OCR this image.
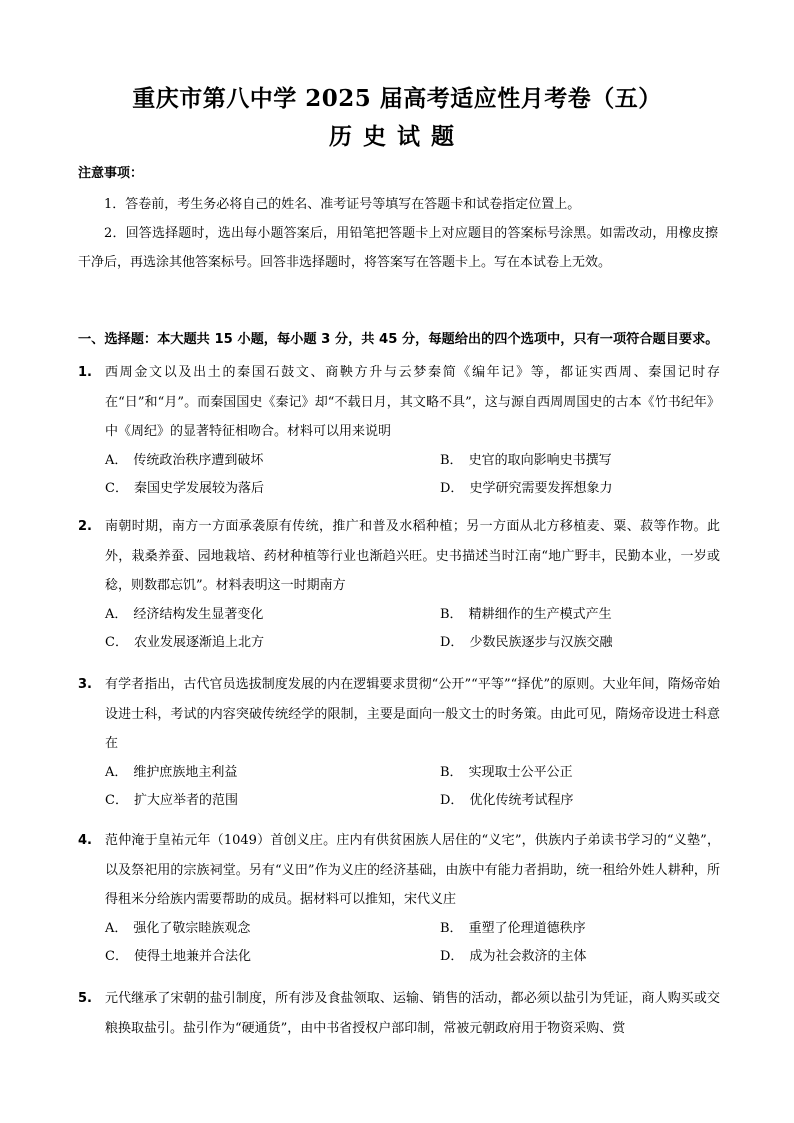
重庆市第八中学 2025 届高考适应性月考卷（五）
历史试题
注意事项：

1．答卷前，考生务必将自己的姓名、准考证号等填写在答题卡和试卷指定位置上。

2．回答选择题时，选出每小题答案后，用铅笔把答题卡上对应题目的答案标号涂黑。如需改动，用橡皮擦干净后，再选涂其他答案标号。回答非选择题时，将答案写在答题卡上。写在本试卷上无效。

一、选择题：本大题共 15 小题，每小题 3 分，共 45 分，每题给出的四个选项中，只有一项符合题目要求。
1. 西周金文以及出土的秦国石鼓文、商鞅方升与云梦秦简《编年记》等，都证实西周、秦国记时存在“日”和“月”。而秦国国史《秦记》却“不载日月，其文略不具”，这与源自西周周国史的古本《竹书纪年》中《周纪》的显著特征相吻合。材料可以用来说明
A． 传统政治秩序遭到破坏	B． 史官的取向影响史书撰写
C． 秦国史学发展较为落后	D． 史学研究需要发挥想象力
2. 南朝时期，南方一方面承袭原有传统，推广和普及水稻种植；另一方面从北方移植麦、粟、菽等作物。此外，栽桑养蚕、园地栽培、药材种植等行业也渐趋兴旺。史书描述当时江南“地广野丰，民勤本业，一岁或稔，则数郡忘饥”。材料表明这一时期南方
A． 经济结构发生显著变化	B． 精耕细作的生产模式产生
C． 农业发展逐渐追上北方	D． 少数民族逐步与汉族交融
3. 有学者指出，古代官员选拔制度发展的内在逻辑要求贯彻“公开”“平等”“择优”的原则。大业年间，隋炀帝始设进士科，考试的内容突破传统经学的限制，主要是面向一般文士的时务策。由此可见，隋炀帝设进士科意在
A． 维护庶族地主利益	B． 实现取士公平公正
C． 扩大应举者的范围	D． 优化传统考试程序
4. 范仲淹于皇祐元年（1049）首创义庄。庄内有供贫困族人居住的“义宅”，供族内子弟读书学习的“义塾”，以及祭祀用的宗族祠堂。另有“义田”作为义庄的经济基础，由族中有能力者捐助，统一租给外姓人耕种，所得租米分给族内需要帮助的成员。据材料可以推知，宋代义庄
A． 强化了敬宗睦族观念	B． 重塑了伦理道德秩序
C． 使得土地兼并合法化	D． 成为社会救济的主体
5. 元代继承了宋朝的盐引制度，所有涉及食盐领取、运输、销售的活动，都必须以盐引为凭证，商人购买或交粮换取盐引。盐引作为“硬通货”，由中书省授权户部印制，常被元朝政府用于物资采购、赏
